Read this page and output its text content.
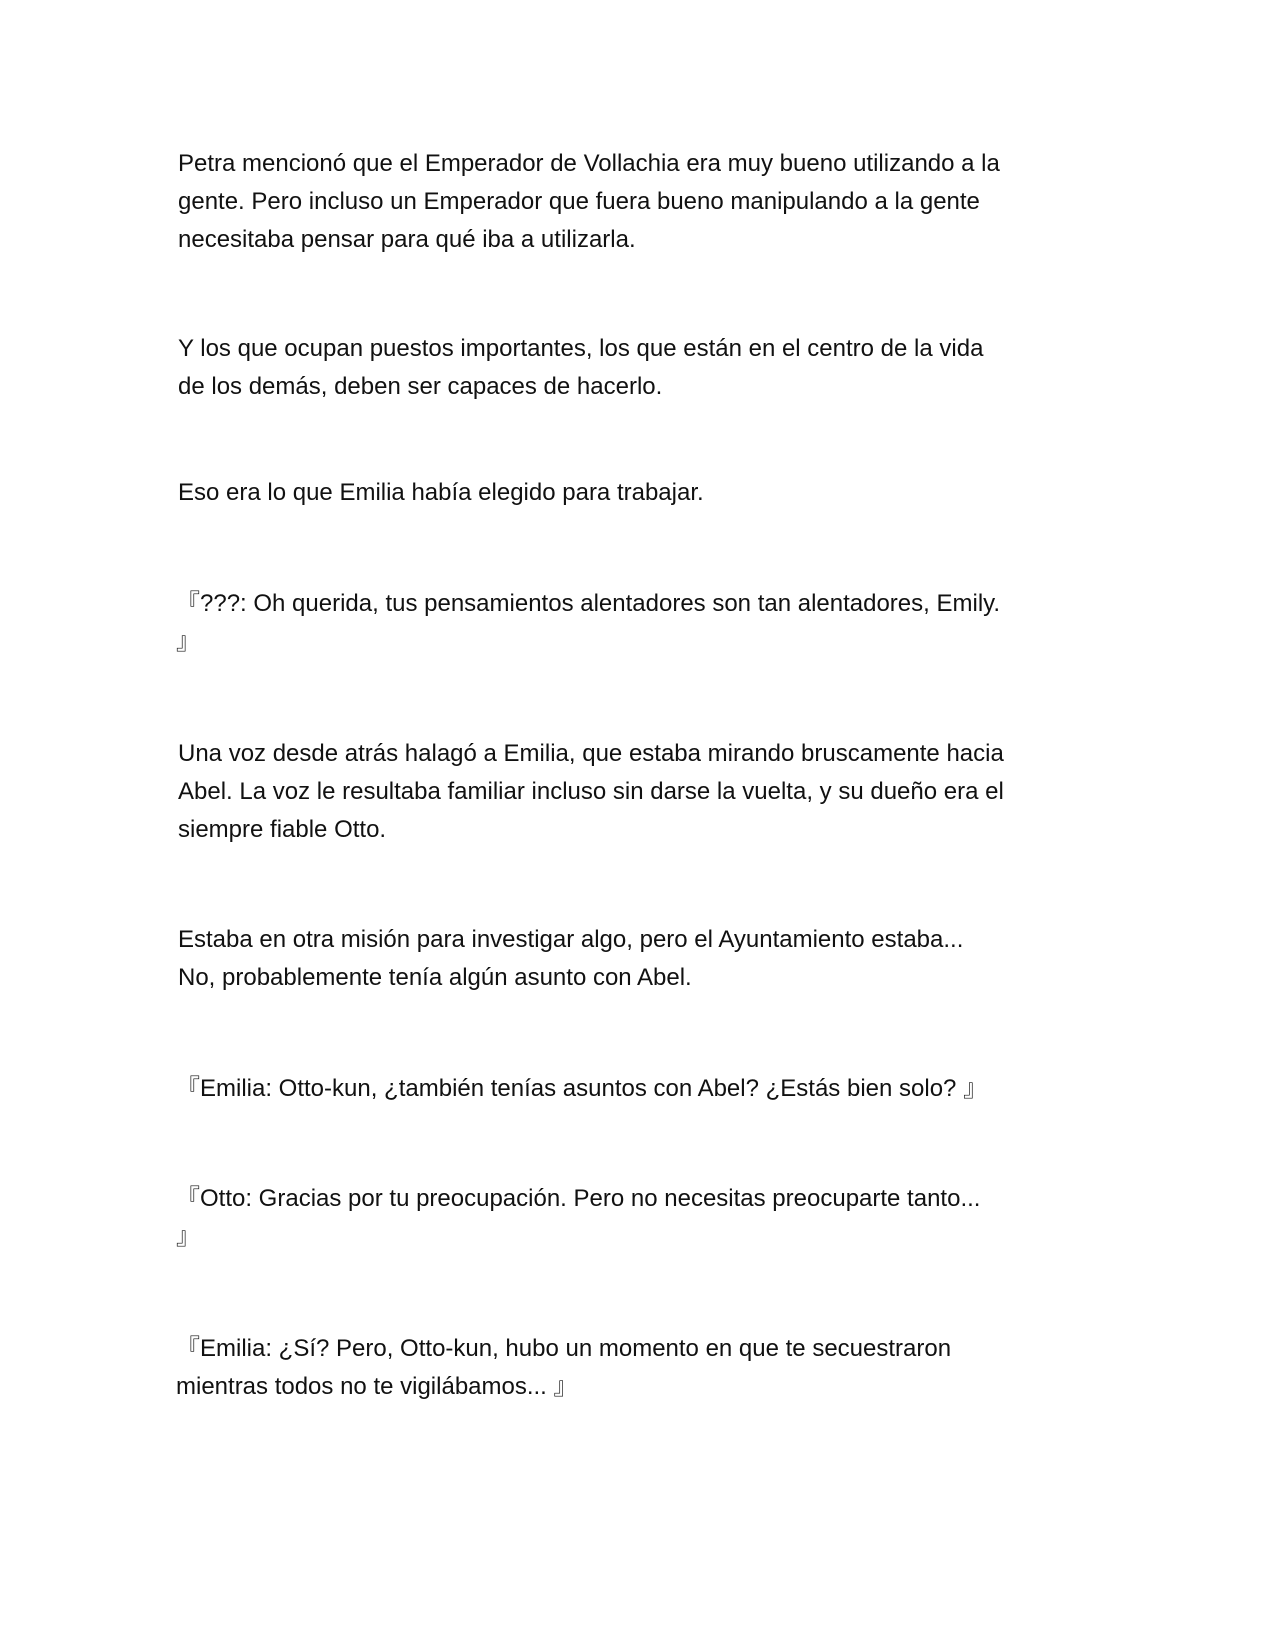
Petra mencionó que el Emperador de Vollachia era muy bueno utilizando a la
gente. Pero incluso un Emperador que fuera bueno manipulando a la gente
necesitaba pensar para qué iba a utilizarla.

Y los que ocupan puestos importantes, los que están en el centro de la vida
de los demás, deben ser capaces de hacerlo.

Eso era lo que Emilia había elegido para trabajar.

『???: Oh querida, tus pensamientos alentadores son tan alentadores, Emily.
』

Una voz desde atrás halagó a Emilia, que estaba mirando bruscamente hacia
Abel. La voz le resultaba familiar incluso sin darse la vuelta, y su dueño era el
siempre fiable Otto.

Estaba en otra misión para investigar algo, pero el Ayuntamiento estaba...
No, probablemente tenía algún asunto con Abel.

『Emilia: Otto-kun, ¿también tenías asuntos con Abel? ¿Estás bien solo? 』

『Otto: Gracias por tu preocupación. Pero no necesitas preocuparte tanto...
』

『Emilia: ¿Sí? Pero, Otto-kun, hubo un momento en que te secuestraron
mientras todos no te vigilábamos... 』
